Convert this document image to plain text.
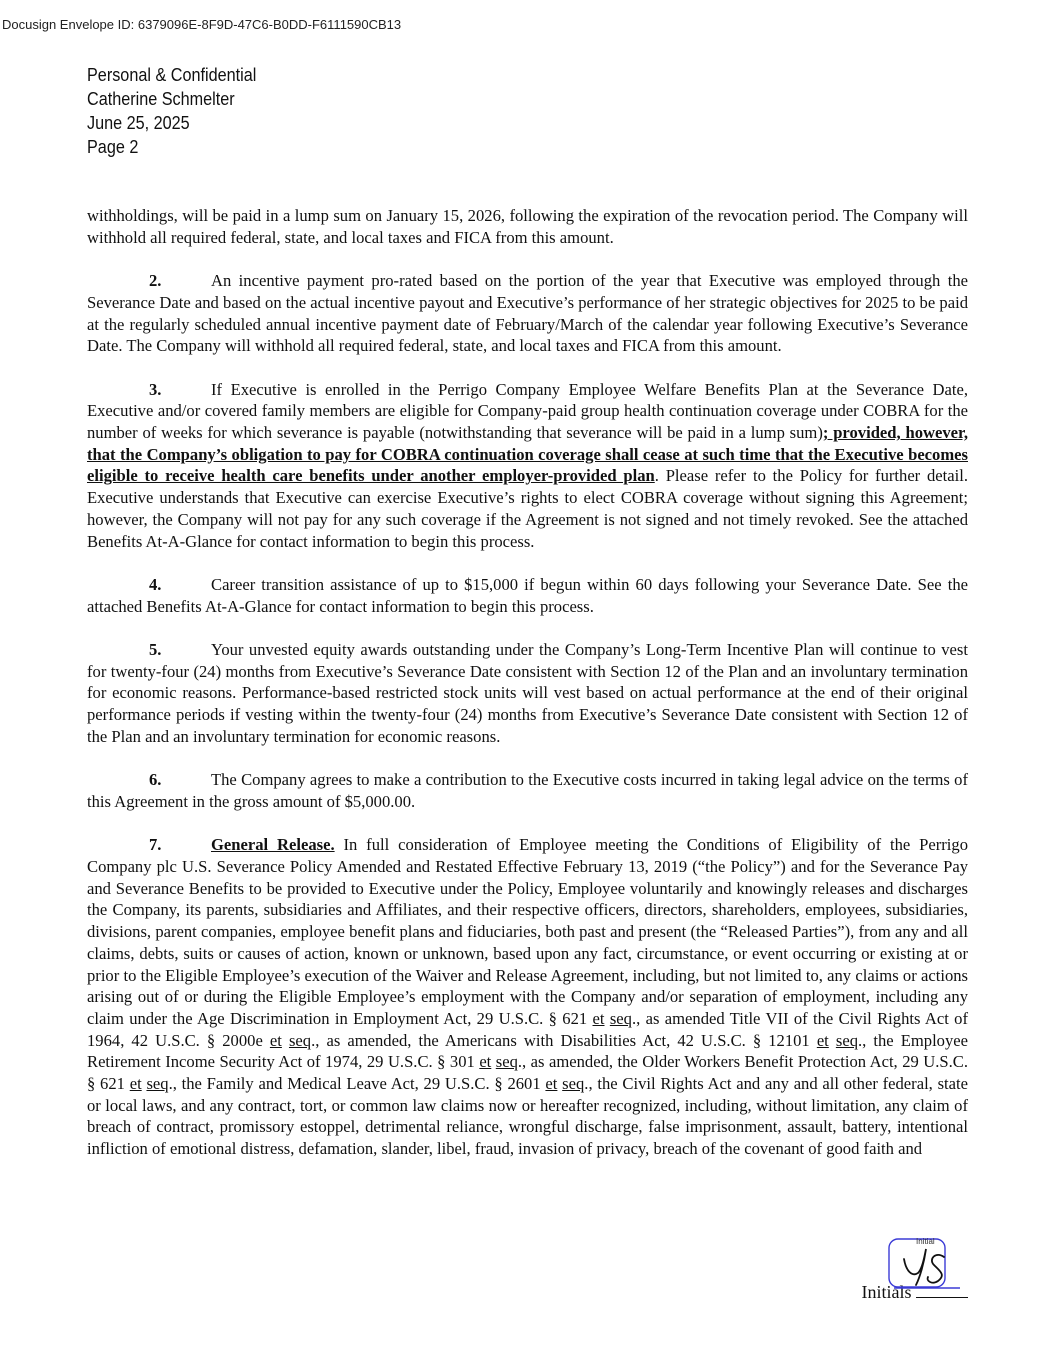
Docusign Envelope ID: 6379096E-8F9D-47C6-B0DD-F6111590CB13
Personal & Confidential
Catherine Schmelter
June 25, 2025
Page 2

withholdings, will be paid in a lump sum on January 15, 2026, following the expiration of the revocation period. The Company will withhold all required federal, state, and local taxes and FICA from this amount.

2.	An incentive payment pro-rated based on the portion of the year that Executive was employed through the Severance Date and based on the actual incentive payout and Executive’s performance of her strategic objectives for 2025 to be paid at the regularly scheduled annual incentive payment date of February/March of the calendar year following Executive’s Severance Date. The Company will withhold all required federal, state, and local taxes and FICA from this amount.

3.	If Executive is enrolled in the Perrigo Company Employee Welfare Benefits Plan at the Severance Date, Executive and/or covered family members are eligible for Company-paid group health continuation coverage under COBRA for the number of weeks for which severance is payable (notwithstanding that severance will be paid in a lump sum); provided, however, that the Company’s obligation to pay for COBRA continuation coverage shall cease at such time that the Executive becomes eligible to receive health care benefits under another employer-provided plan. Please refer to the Policy for further detail. Executive understands that Executive can exercise Executive’s rights to elect COBRA coverage without signing this Agreement; however, the Company will not pay for any such coverage if the Agreement is not signed and not timely revoked. See the attached Benefits At-A-Glance for contact information to begin this process.

4.	Career transition assistance of up to $15,000 if begun within 60 days following your Severance Date. See the attached Benefits At-A-Glance for contact information to begin this process.

5.	Your unvested equity awards outstanding under the Company’s Long-Term Incentive Plan will continue to vest for twenty-four (24) months from Executive’s Severance Date consistent with Section 12 of the Plan and an involuntary termination for economic reasons. Performance-based restricted stock units will vest based on actual performance at the end of their original performance periods if vesting within the twenty-four (24) months from Executive’s Severance Date consistent with Section 12 of the Plan and an involuntary termination for economic reasons.

6.	The Company agrees to make a contribution to the Executive costs incurred in taking legal advice on the terms of this Agreement in the gross amount of $5,000.00.

7.	General Release. In full consideration of Employee meeting the Conditions of Eligibility of the Perrigo Company plc U.S. Severance Policy Amended and Restated Effective February 13, 2019 (“the Policy”) and for the Severance Pay and Severance Benefits to be provided to Executive under the Policy, Employee voluntarily and knowingly releases and discharges the Company, its parents, subsidiaries and Affiliates, and their respective officers, directors, shareholders, employees, subsidiaries, divisions, parent companies, employee benefit plans and fiduciaries, both past and present (the “Released Parties”), from any and all claims, debts, suits or causes of action, known or unknown, based upon any fact, circumstance, or event occurring or existing at or prior to the Eligible Employee’s execution of the Waiver and Release Agreement, including, but not limited to, any claims or actions arising out of or during the Eligible Employee’s employment with the Company and/or separation of employment, including any claim under the Age Discrimination in Employment Act, 29 U.S.C. § 621 et seq., as amended Title VII of the Civil Rights Act of 1964, 42 U.S.C. § 2000e et seq., as amended, the Americans with Disabilities Act, 42 U.S.C. § 12101 et seq., the Employee Retirement Income Security Act of 1974, 29 U.S.C. § 301 et seq., as amended, the Older Workers Benefit Protection Act, 29 U.S.C. § 621 et seq., the Family and Medical Leave Act, 29 U.S.C. § 2601 et seq., the Civil Rights Act and any and all other federal, state or local laws, and any contract, tort, or common law claims now or hereafter recognized, including, without limitation, any claim of breach of contract, promissory estoppel, detrimental reliance, wrongful discharge, false imprisonment, assault, battery, intentional infliction of emotional distress, defamation, slander, libel, fraud, invasion of privacy, breach of the covenant of good faith and

Initials
Initial
